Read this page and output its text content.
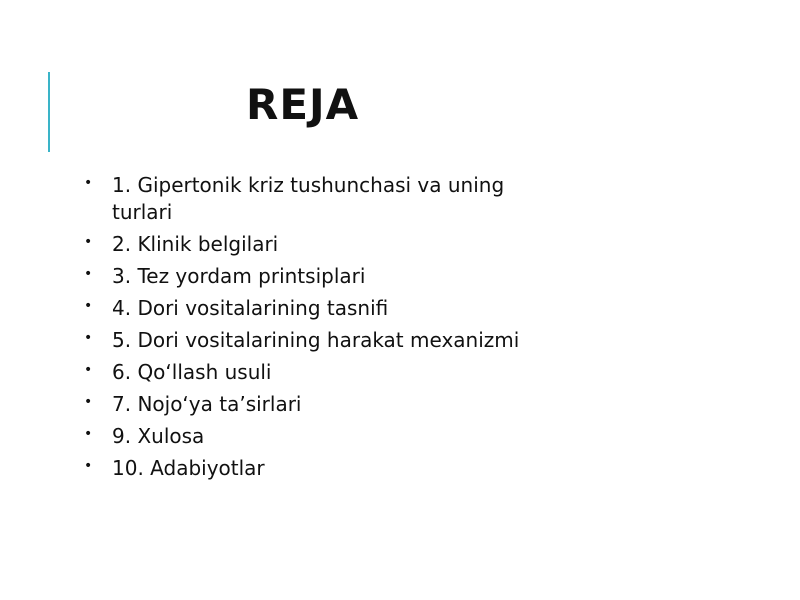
REJA
• 1. Gipertonik kriz tushunchasi va uning turlari
• 2. Klinik belgilari
• 3. Tez yordam printsiplari
• 4. Dori vositalarining tasnifi
• 5. Dori vositalarining harakat mexanizmi
• 6. Qo‘llash usuli
• 7. Nojo‘ya ta’sirlari
• 9. Xulosa
• 10. Adabiyotlar
